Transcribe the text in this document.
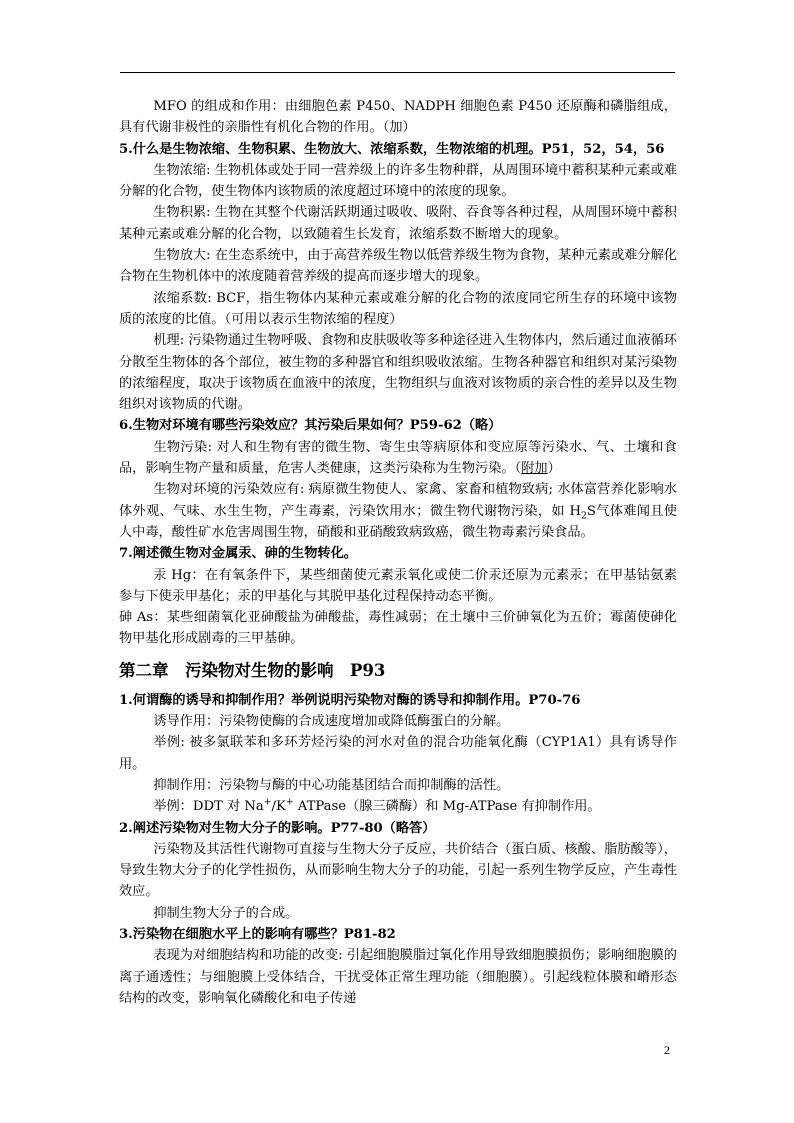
MFO 的组成和作用：由细胞色素 P450、NADPH 细胞色素 P450 还原酶和磷脂组成，具有代谢非极性的亲脂性有机化合物的作用。（加）

5.什么是生物浓缩、生物积累、生物放大、浓缩系数，生物浓缩的机理。P51，52，54，56

生物浓缩: 生物机体或处于同一营养级上的许多生物种群，从周围环境中蓄积某种元素或难分解的化合物，使生物体内该物质的浓度超过环境中的浓度的现象。

生物积累: 生物在其整个代谢活跃期通过吸收、吸附、吞食等各种过程，从周围环境中蓄积某种元素或难分解的化合物，以致随着生长发育，浓缩系数不断增大的现象。

生物放大: 在生态系统中，由于高营养级生物以低营养级生物为食物，某种元素或难分解化合物在生物机体中的浓度随着营养级的提高而逐步增大的现象。

浓缩系数: BCF，指生物体内某种元素或难分解的化合物的浓度同它所生存的环境中该物质的浓度的比值。（可用以表示生物浓缩的程度）

机理: 污染物通过生物呼吸、食物和皮肤吸收等多种途径进入生物体内，然后通过血液循环分散至生物体的各个部位，被生物的多种器官和组织吸收浓缩。生物各种器官和组织对某污染物的浓缩程度，取决于该物质在血液中的浓度，生物组织与血液对该物质的亲合性的差异以及生物组织对该物质的代谢。

6.生物对环境有哪些污染效应？其污染后果如何？P59-62（略）

生物污染: 对人和生物有害的微生物、寄生虫等病原体和变应原等污染水、气、土壤和食品，影响生物产量和质量，危害人类健康，这类污染称为生物污染。（附加）

生物对环境的污染效应有: 病原微生物使人、家禽、家畜和植物致病; 水体富营养化影响水体外观、气味、水生生物，产生毒素，污染饮用水；微生物代谢物污染，如 $H_2S$气体难闻且使人中毒，酸性矿水危害周围生物，硝酸和亚硝酸致病致癌，微生物毒素污染食品。

7.阐述微生物对金属汞、砷的生物转化。

汞 Hg：在有氧条件下，某些细菌使元素汞氧化或使二价汞还原为元素汞；在甲基钴氨素参与下使汞甲基化；汞的甲基化与其脱甲基化过程保持动态平衡。

砷 As：某些细菌氧化亚砷酸盐为砷酸盐，毒性减弱；在土壤中三价砷氧化为五价；霉菌使砷化物甲基化形成剧毒的三甲基砷。

第二章　污染物对生物的影响　P93

1.何谓酶的诱导和抑制作用？举例说明污染物对酶的诱导和抑制作用。P70-76

诱导作用：污染物使酶的合成速度增加或降低酶蛋白的分解。

举例: 被多氯联苯和多环芳烃污染的河水对鱼的混合功能氧化酶（CYP1A1）具有诱导作用。

抑制作用：污染物与酶的中心功能基团结合而抑制酶的活性。

举例：DDT 对 Na+/K+ ATPase（腺三磷酶）和 Mg-ATPase 有抑制作用。

2.阐述污染物对生物大分子的影响。P77-80（略答）

污染物及其活性代谢物可直接与生物大分子反应，共价结合（蛋白质、核酸、脂肪酸等），导致生物大分子的化学性损伤，从而影响生物大分子的功能，引起一系列生物学反应，产生毒性效应。

抑制生物大分子的合成。

3.污染物在细胞水平上的影响有哪些？P81-82

表现为对细胞结构和功能的改变: 引起细胞膜脂过氧化作用导致细胞膜损伤；影响细胞膜的离子通透性；与细胞膜上受体结合，干扰受体正常生理功能（细胞膜）。引起线粒体膜和嵴形态结构的改变，影响氧化磷酸化和电子传递

2
